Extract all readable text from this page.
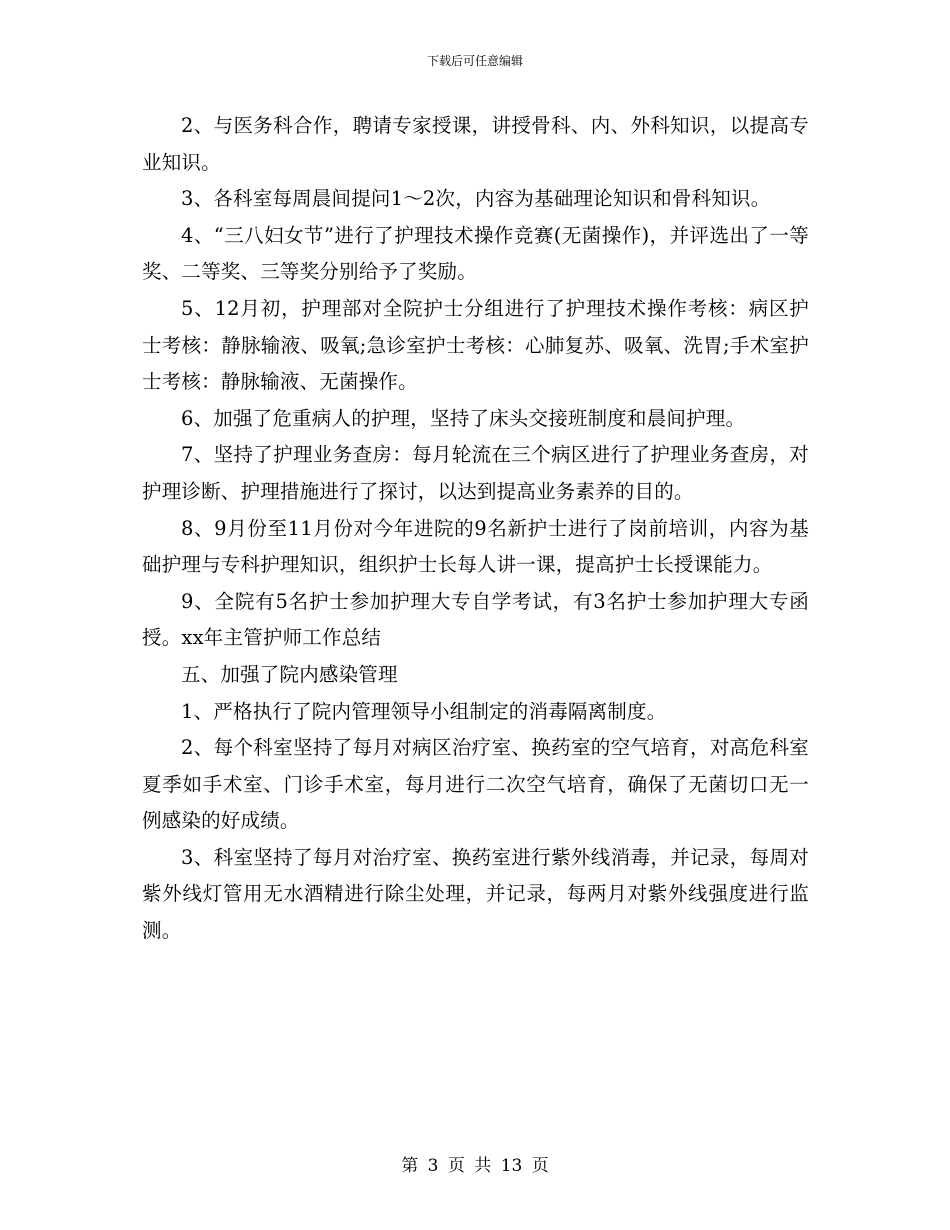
下载后可任意编辑

2、与医务科合作，聘请专家授课，讲授骨科、内、外科知识，以提高专业知识。

3、各科室每周晨间提问1～2次，内容为基础理论知识和骨科知识。

4、“三八妇女节”进行了护理技术操作竞赛(无菌操作)，并评选出了一等奖、二等奖、三等奖分别给予了奖励。

5、12月初，护理部对全院护士分组进行了护理技术操作考核：病区护士考核：静脉输液、吸氧;急诊室护士考核：心肺复苏、吸氧、洗胃;手术室护士考核：静脉输液、无菌操作。

6、加强了危重病人的护理，坚持了床头交接班制度和晨间护理。

7、坚持了护理业务查房：每月轮流在三个病区进行了护理业务查房，对护理诊断、护理措施进行了探讨，以达到提高业务素养的目的。

8、9月份至11月份对今年进院的9名新护士进行了岗前培训，内容为基础护理与专科护理知识，组织护士长每人讲一课，提高护士长授课能力。

9、全院有5名护士参加护理大专自学考试，有3名护士参加护理大专函授。xx年主管护师工作总结

五、加强了院内感染管理

1、严格执行了院内管理领导小组制定的消毒隔离制度。

2、每个科室坚持了每月对病区治疗室、换药室的空气培育，对高危科室夏季如手术室、门诊手术室，每月进行二次空气培育，确保了无菌切口无一例感染的好成绩。

3、科室坚持了每月对治疗室、换药室进行紫外线消毒，并记录，每周对紫外线灯管用无水酒精进行除尘处理，并记录，每两月对紫外线强度进行监测。

第 3 页 共 13 页
